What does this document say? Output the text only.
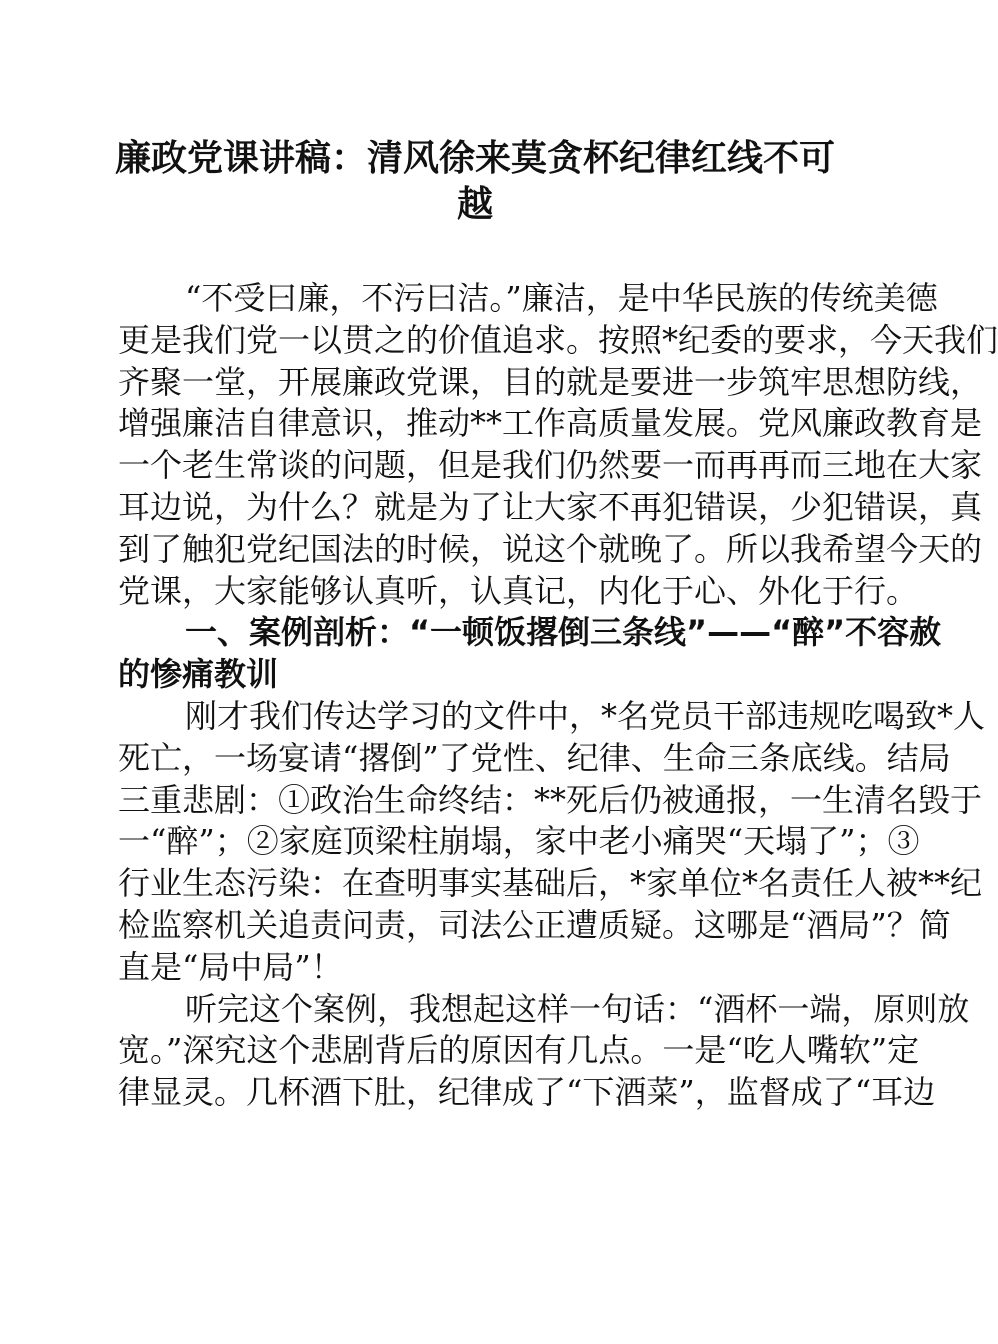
廉政党课讲稿：清风徐来莫贪杯纪律红线不可
越
“不受曰廉，不污曰洁。”廉洁，是中华民族的传统美德
更是我们党一以贯之的价值追求。按照*纪委的要求，今天我们
齐聚一堂，开展廉政党课，目的就是要进一步筑牢思想防线，
增强廉洁自律意识，推动**工作高质量发展。党风廉政教育是
一个老生常谈的问题，但是我们仍然要一而再再而三地在大家
耳边说，为什么？就是为了让大家不再犯错误，少犯错误，真
到了触犯党纪国法的时候，说这个就晚了。所以我希望今天的
党课，大家能够认真听，认真记，内化于心、外化于行。
一、案例剖析：“一顿饭撂倒三条线”——“醉”不容赦
的惨痛教训
刚才我们传达学习的文件中，*名党员干部违规吃喝致*人
死亡，一场宴请“撂倒”了党性、纪律、生命三条底线。结局
三重悲剧：①政治生命终结：**死后仍被通报，一生清名毁于
一“醉”；②家庭顶梁柱崩塌，家中老小痛哭“天塌了”；③
行业生态污染：在查明事实基础后，*家单位*名责任人被**纪
检监察机关追责问责，司法公正遭质疑。这哪是“酒局”？简
直是“局中局”！
听完这个案例，我想起这样一句话：“酒杯一端，原则放
宽。”深究这个悲剧背后的原因有几点。一是“吃人嘴软”定
律显灵。几杯酒下肚，纪律成了“下酒菜”，监督成了“耳边
